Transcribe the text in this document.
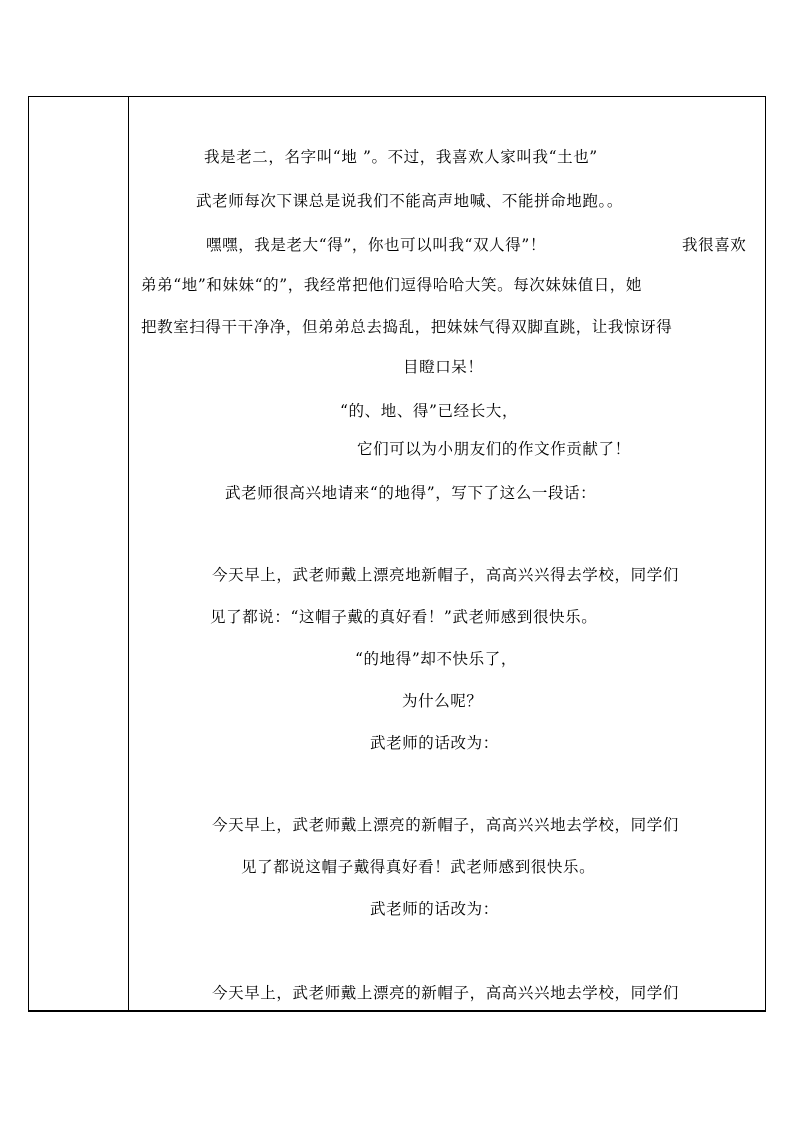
我是老二，名字叫“地 ”。不过，我喜欢人家叫我“土也”
武老师每次下课总是说我们不能高声地喊、不能拼命地跑。。
嘿嘿，我是老大“得”，你也可以叫我“双人得”！	我很喜欢
弟弟“地”和妹妹“的”，我经常把他们逗得哈哈大笑。每次妹妹值日，她
把教室扫得干干净净，但弟弟总去捣乱，把妹妹气得双脚直跳，让我惊讶得
目瞪口呆！
“的、地、得”已经长大，
它们可以为小朋友们的作文作贡献了！
武老师很高兴地请来“的地得”，写下了这么一段话：
今天早上，武老师戴上漂亮地新帽子，高高兴兴得去学校，同学们
见了都说：“这帽子戴的真好看！”武老师感到很快乐。
“的地得”却不快乐了，
为什么呢？
武老师的话改为：
今天早上，武老师戴上漂亮的新帽子，高高兴兴地去学校，同学们
见了都说这帽子戴得真好看！武老师感到很快乐。
武老师的话改为：
今天早上，武老师戴上漂亮的新帽子，高高兴兴地去学校，同学们
